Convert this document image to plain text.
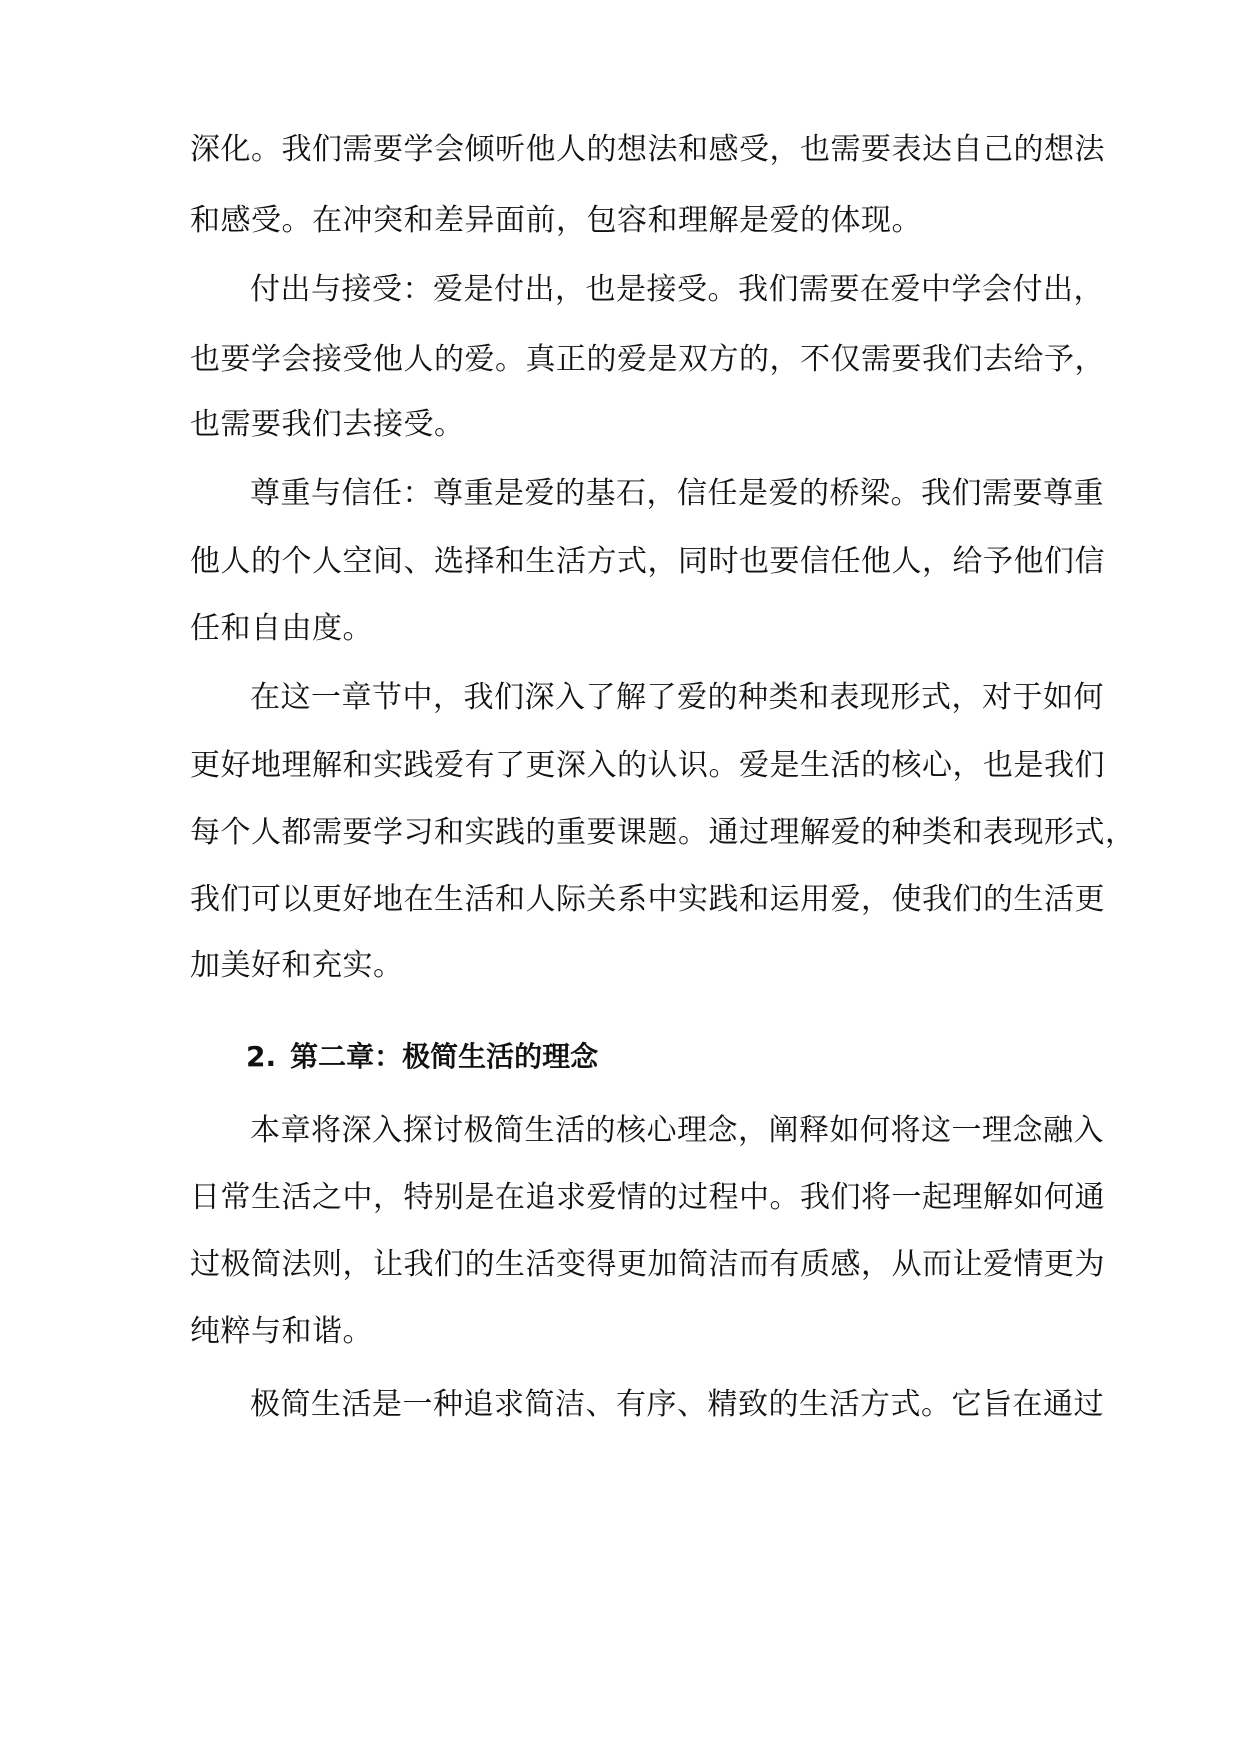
深化。我们需要学会倾听他人的想法和感受，也需要表达自己的想法
和感受。在冲突和差异面前，包容和理解是爱的体现。
付出与接受：爱是付出，也是接受。我们需要在爱中学会付出，
也要学会接受他人的爱。真正的爱是双方的，不仅需要我们去给予，
也需要我们去接受。
尊重与信任：尊重是爱的基石，信任是爱的桥梁。我们需要尊重
他人的个人空间、选择和生活方式，同时也要信任他人，给予他们信
任和自由度。
在这一章节中，我们深入了解了爱的种类和表现形式，对于如何
更好地理解和实践爱有了更深入的认识。爱是生活的核心，也是我们
每个人都需要学习和实践的重要课题。通过理解爱的种类和表现形式，
我们可以更好地在生活和人际关系中实践和运用爱，使我们的生活更
加美好和充实。
2. 第二章：极简生活的理念
本章将深入探讨极简生活的核心理念，阐释如何将这一理念融入
日常生活之中，特别是在追求爱情的过程中。我们将一起理解如何通
过极简法则，让我们的生活变得更加简洁而有质感，从而让爱情更为
纯粹与和谐。
极简生活是一种追求简洁、有序、精致的生活方式。它旨在通过
